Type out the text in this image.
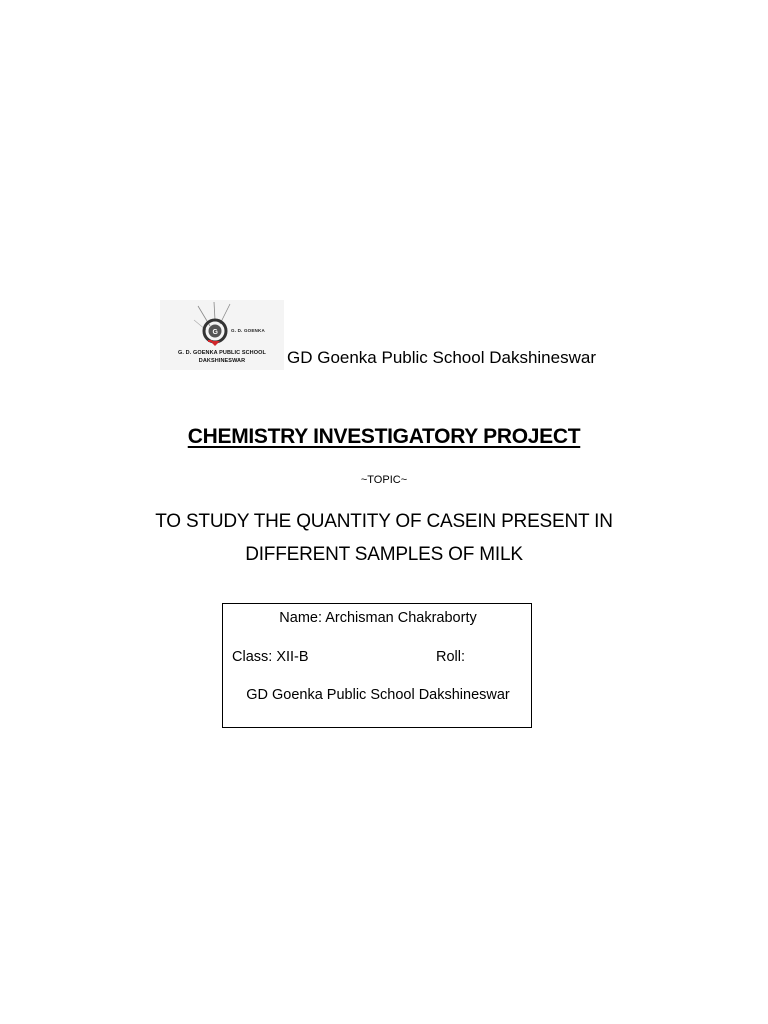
G	G. D. GOENKA
G. D. GOENKA PUBLIC SCHOOL
DAKSHINESWAR	GD Goenka Public School Dakshineswar
CHEMISTRY INVESTIGATORY PROJECT
~TOPIC~
TO STUDY THE QUANTITY OF CASEIN PRESENT IN
DIFFERENT SAMPLES OF MILK
Name: Archisman Chakraborty
Class: XII-B	Roll:
GD Goenka Public School Dakshineswar
